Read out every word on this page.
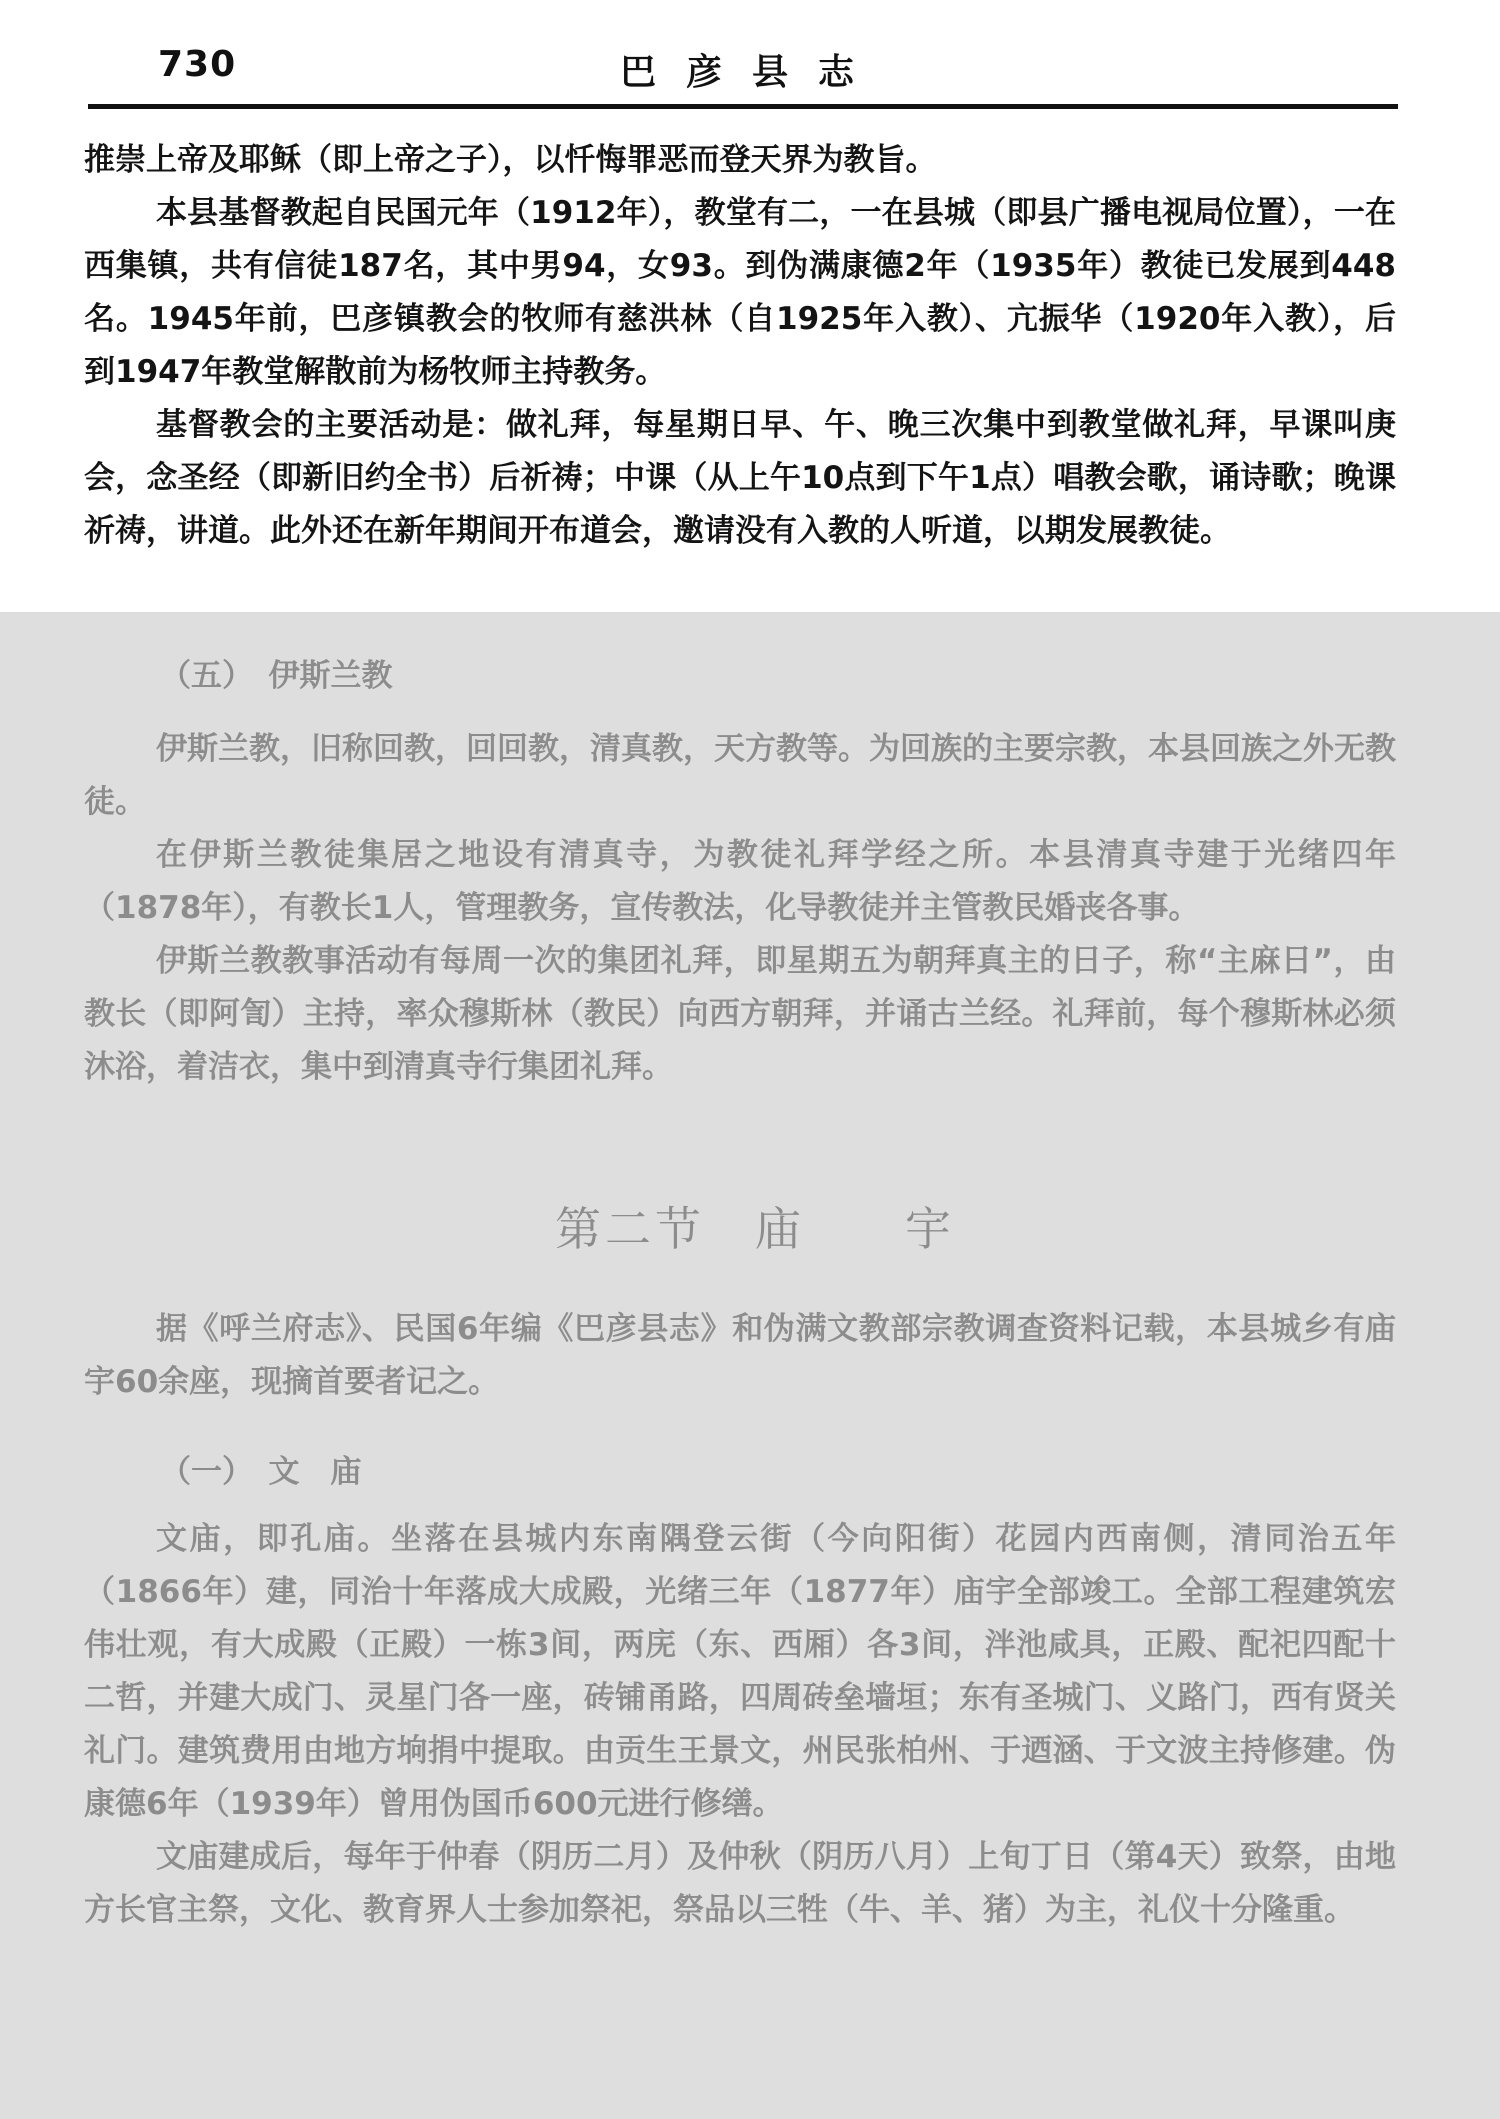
730	巴彦县志

推崇上帝及耶稣（即上帝之子），以忏悔罪恶而登天界为教旨。

本县基督教起自民国元年（1912年），教堂有二，一在县城（即县广播电视局位置），一在西集镇，共有信徒187名，其中男94，女93。到伪满康德2年（1935年）教徒已发展到448名。1945年前，巴彦镇教会的牧师有慈洪林（自1925年入教）、亢振华（1920年入教），后到1947年教堂解散前为杨牧师主持教务。

基督教会的主要活动是：做礼拜，每星期日早、午、晚三次集中到教堂做礼拜，早课叫庚会，念圣经（即新旧约全书）后祈祷；中课（从上午10点到下午1点）唱教会歌，诵诗歌；晚课祈祷，讲道。此外还在新年期间开布道会，邀请没有入教的人听道，以期发展教徒。

（五）　伊斯兰教

伊斯兰教，旧称回教，回回教，清真教，天方教等。为回族的主要宗教，本县回族之外无教徒。

在伊斯兰教徒集居之地设有清真寺，为教徒礼拜学经之所。本县清真寺建于光绪四年（1878年），有教长1人，管理教务，宣传教法，化导教徒并主管教民婚丧各事。

伊斯兰教教事活动有每周一次的集团礼拜，即星期五为朝拜真主的日子，称“主麻日”，由教长（即阿訇）主持，率众穆斯林（教民）向西方朝拜，并诵古兰经。礼拜前，每个穆斯林必须沐浴，着洁衣，集中到清真寺行集团礼拜。

第二节　庙　　宇

据《呼兰府志》、民国6年编《巴彦县志》和伪满文教部宗教调查资料记载，本县城乡有庙宇60余座，现摘首要者记之。

（一）　文　庙

文庙，即孔庙。坐落在县城内东南隅登云街（今向阳街）花园内西南侧，清同治五年（1866年）建，同治十年落成大成殿，光绪三年（1877年）庙宇全部竣工。全部工程建筑宏伟壮观，有大成殿（正殿）一栋3间，两庑（东、西厢）各3间，泮池咸具，正殿、配祀四配十二哲，并建大成门、灵星门各一座，砖铺甬路，四周砖垒墙垣；东有圣城门、义路门，西有贤关礼门。建筑费用由地方垧捐中提取。由贡生王景文，州民张柏州、于迺涵、于文波主持修建。伪康德6年（1939年）曾用伪国币600元进行修缮。

文庙建成后，每年于仲春（阴历二月）及仲秋（阴历八月）上旬丁日（第4天）致祭，由地方长官主祭，文化、教育界人士参加祭祀，祭品以三牲（牛、羊、猪）为主，礼仪十分隆重。
